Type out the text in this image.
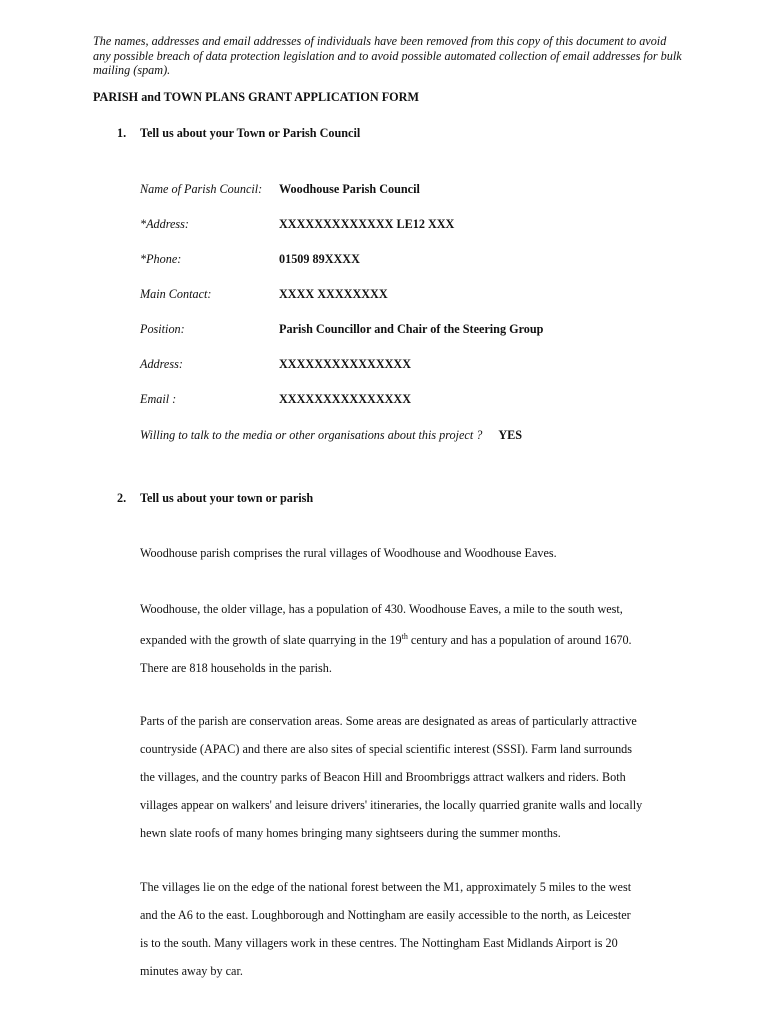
The names, addresses and email addresses of individuals have been removed from this copy of this document to avoid any possible breach of data protection legislation and to avoid possible automated collection of email addresses for bulk mailing (spam).
PARISH and TOWN PLANS GRANT APPLICATION FORM
1. Tell us about your Town or Parish Council
Name of Parish Council: Woodhouse Parish Council
*Address:	XXXXXXXXXXXXX LE12 XXX
*Phone:	01509 89XXXX
Main Contact:	XXXX XXXXXXXX
Position:	Parish Councillor and Chair of the Steering Group
Address:	XXXXXXXXXXXXXXX
Email :	XXXXXXXXXXXXXXX
Willing to talk to the media or other organisations about this project ? YES
2. Tell us about your town or parish
Woodhouse parish comprises the rural villages of Woodhouse and Woodhouse Eaves.
Woodhouse, the older village, has a population of 430. Woodhouse Eaves, a mile to the south west,
expanded with the growth of slate quarrying in the 19th century and has a population of around 1670.
There are 818 households in the parish.
Parts of the parish are conservation areas. Some areas are designated as areas of particularly attractive
countryside (APAC) and there are also sites of special scientific interest (SSSI). Farm land surrounds
the villages, and the country parks of Beacon Hill and Broombriggs attract walkers and riders. Both
villages appear on walkers' and leisure drivers' itineraries, the locally quarried granite walls and locally
hewn slate roofs of many homes bringing many sightseers during the summer months.
The villages lie on the edge of the national forest between the M1, approximately 5 miles to the west
and the A6 to the east. Loughborough and Nottingham are easily accessible to the north, as Leicester
is to the south. Many villagers work in these centres. The Nottingham East Midlands Airport is 20
minutes away by car.
